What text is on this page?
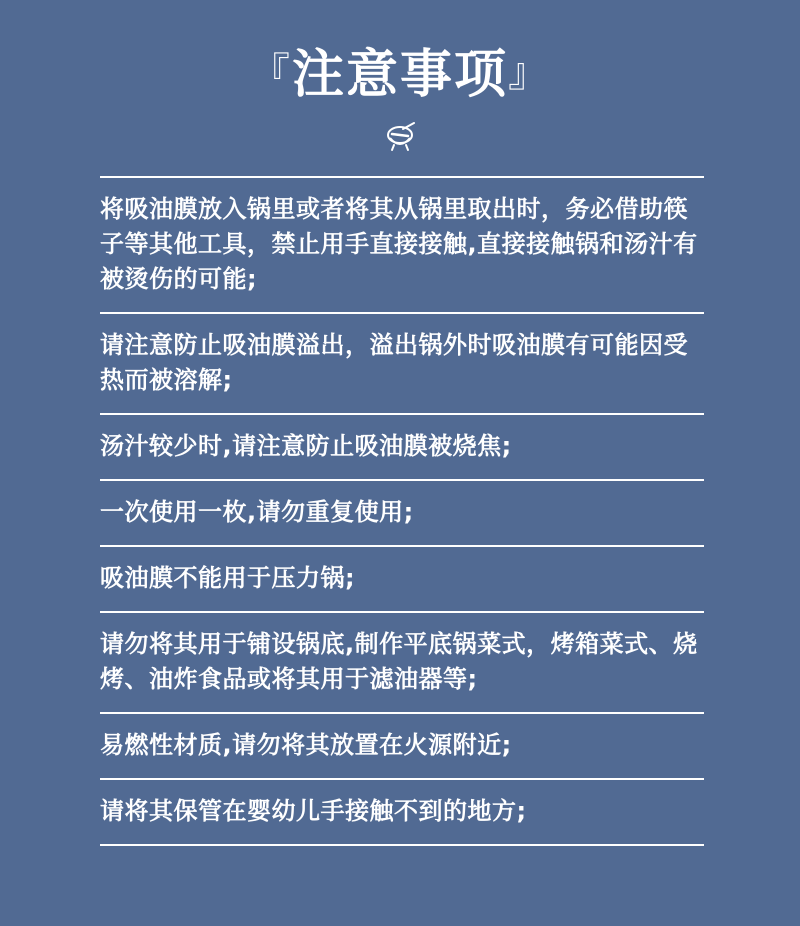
『注意事项』
将吸油膜放入锅里或者将其从锅里取出时，务必借助筷子等其他工具，禁止用手直接接触,直接接触锅和汤汁有被烫伤的可能;
请注意防止吸油膜溢出，溢出锅外时吸油膜有可能因受热而被溶解;
汤汁较少时,请注意防止吸油膜被烧焦;
一次使用一枚,请勿重复使用;
吸油膜不能用于压力锅;
请勿将其用于铺设锅底,制作平底锅菜式，烤箱菜式、烧烤、油炸食品或将其用于滤油器等;
易燃性材质,请勿将其放置在火源附近;
请将其保管在婴幼儿手接触不到的地方;
